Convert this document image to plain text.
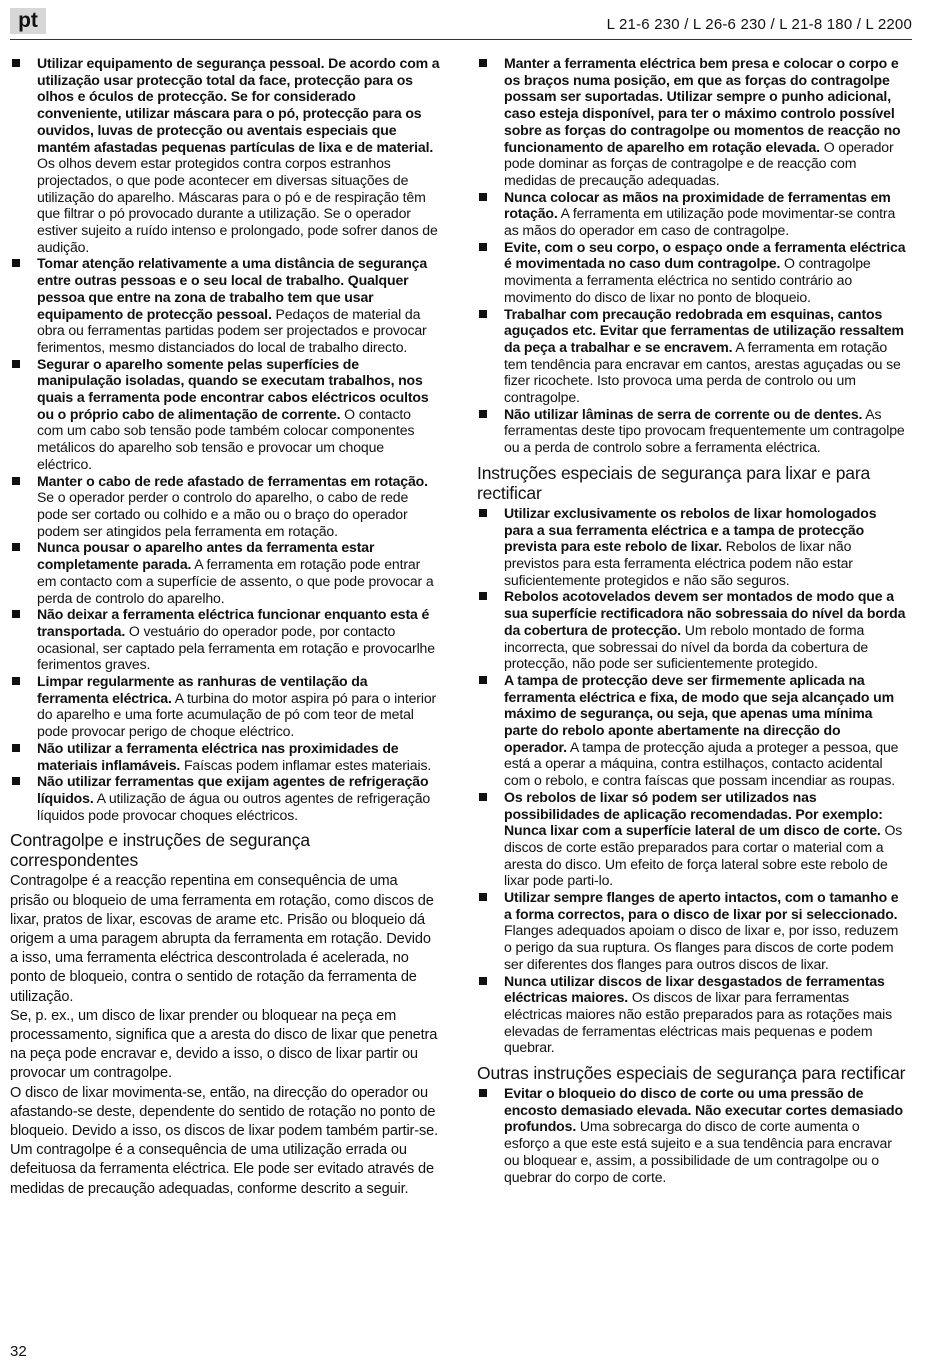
pt	L 21-6 230 / L 26-6 230 / L 21-8 180 / L 2200

Utilizar equipamento de segurança pessoal. De acordo com a utilização usar protecção total da face, protecção para os olhos e óculos de protecção. Se for considerado conveniente, utilizar máscara para o pó, protecção para os ouvidos, luvas de protecção ou aventais especiais que mantém afastadas pequenas partículas de lixa e de material. Os olhos devem estar protegidos contra corpos estranhos projectados, o que pode acontecer em diversas situações de utilização do aparelho. Máscaras para o pó e de respiração têm que filtrar o pó provocado durante a utilização. Se o operador estiver sujeito a ruído intenso e prolongado, pode sofrer danos de audição.

Tomar atenção relativamente a uma distância de segurança entre outras pessoas e o seu local de trabalho. Qualquer pessoa que entre na zona de trabalho tem que usar equipamento de protecção pessoal. Pedaços de material da obra ou ferramentas partidas podem ser projectados e provocar ferimentos, mesmo distanciados do local de trabalho directo.

Segurar o aparelho somente pelas superfícies de manipulação isoladas, quando se executam trabalhos, nos quais a ferramenta pode encontrar cabos eléctricos ocultos ou o próprio cabo de alimentação de corrente. O contacto com um cabo sob tensão pode também colocar componentes metálicos do aparelho sob tensão e provocar um choque eléctrico.

Manter o cabo de rede afastado de ferramentas em rotação. Se o operador perder o controlo do aparelho, o cabo de rede pode ser cortado ou colhido e a mão ou o braço do operador podem ser atingidos pela ferramenta em rotação.

Nunca pousar o aparelho antes da ferramenta estar completamente parada. A ferramenta em rotação pode entrar em contacto com a superfície de assento, o que pode provocar a perda de controlo do aparelho.

Não deixar a ferramenta eléctrica funcionar enquanto esta é transportada. O vestuário do operador pode, por contacto ocasional, ser captado pela ferramenta em rotação e provocarlhe ferimentos graves.

Limpar regularmente as ranhuras de ventilação da ferramenta eléctrica. A turbina do motor aspira pó para o interior do aparelho e uma forte acumulação de pó com teor de metal pode provocar perigo de choque eléctrico.

Não utilizar a ferramenta eléctrica nas proximidades de materiais inflamáveis. Faíscas podem inflamar estes materiais.

Não utilizar ferramentas que exijam agentes de refrigeração líquidos. A utilização de água ou outros agentes de refrigeração líquidos pode provocar choques eléctricos.

Contragolpe e instruções de segurança correspondentes

Contragolpe é a reacção repentina em consequência de uma prisão ou bloqueio de uma ferramenta em rotação, como discos de lixar, pratos de lixar, escovas de arame etc. Prisão ou bloqueio dá origem a uma paragem abrupta da ferramenta em rotação. Devido a isso, uma ferramenta eléctrica descontrolada é acelerada, no ponto de bloqueio, contra o sentido de rotação da ferramenta de utilização.

Se, p. ex., um disco de lixar prender ou bloquear na peça em processamento, significa que a aresta do disco de lixar que penetra na peça pode encravar e, devido a isso, o disco de lixar partir ou provocar um contragolpe.

O disco de lixar movimenta-se, então, na direcção do operador ou afastando-se deste, dependente do sentido de rotação no ponto de bloqueio. Devido a isso, os discos de lixar podem também partir-se.

Um contragolpe é a consequência de uma utilização errada ou defeituosa da ferramenta eléctrica. Ele pode ser evitado através de medidas de precaução adequadas, conforme descrito a seguir.

Manter a ferramenta eléctrica bem presa e colocar o corpo e os braços numa posição, em que as forças do contragolpe possam ser suportadas. Utilizar sempre o punho adicional, caso esteja disponível, para ter o máximo controlo possível sobre as forças do contragolpe ou momentos de reacção no funcionamento de aparelho em rotação elevada. O operador pode dominar as forças de contragolpe e de reacção com medidas de precaução adequadas.

Nunca colocar as mãos na proximidade de ferramentas em rotação. A ferramenta em utilização pode movimentar-se contra as mãos do operador em caso de contragolpe.

Evite, com o seu corpo, o espaço onde a ferramenta eléctrica é movimentada no caso dum contragolpe. O contragolpe movimenta a ferramenta eléctrica no sentido contrário ao movimento do disco de lixar no ponto de bloqueio.

Trabalhar com precaução redobrada em esquinas, cantos aguçados etc. Evitar que ferramentas de utilização ressaltem da peça a trabalhar e se encravem. A ferramenta em rotação tem tendência para encravar em cantos, arestas aguçadas ou se fizer ricochete. Isto provoca uma perda de controlo ou um contragolpe.

Não utilizar lâminas de serra de corrente ou de dentes. As ferramentas deste tipo provocam frequentemente um contragolpe ou a perda de controlo sobre a ferramenta eléctrica.

Instruções especiais de segurança para lixar e para rectificar

Utilizar exclusivamente os rebolos de lixar homologados para a sua ferramenta eléctrica e a tampa de protecção prevista para este rebolo de lixar. Rebolos de lixar não previstos para esta ferramenta eléctrica podem não estar suficientemente protegidos e não são seguros.

Rebolos acotovelados devem ser montados de modo que a sua superfície rectificadora não sobressaia do nível da borda da cobertura de protecção. Um rebolo montado de forma incorrecta, que sobressai do nível da borda da cobertura de protecção, não pode ser suficientemente protegido.

A tampa de protecção deve ser firmemente aplicada na ferramenta eléctrica e fixa, de modo que seja alcançado um máximo de segurança, ou seja, que apenas uma mínima parte do rebolo aponte abertamente na direcção do operador. A tampa de protecção ajuda a proteger a pessoa, que está a operar a máquina, contra estilhaços, contacto acidental com o rebolo, e contra faíscas que possam incendiar as roupas.

Os rebolos de lixar só podem ser utilizados nas possibilidades de aplicação recomendadas. Por exemplo: Nunca lixar com a superfície lateral de um disco de corte. Os discos de corte estão preparados para cortar o material com a aresta do disco. Um efeito de força lateral sobre este rebolo de lixar pode parti-lo.

Utilizar sempre flanges de aperto intactos, com o tamanho e a forma correctos, para o disco de lixar por si seleccionado. Flanges adequados apoiam o disco de lixar e, por isso, reduzem o perigo da sua ruptura. Os flanges para discos de corte podem ser diferentes dos flanges para outros discos de lixar.

Nunca utilizar discos de lixar desgastados de ferramentas eléctricas maiores. Os discos de lixar para ferramentas eléctricas maiores não estão preparados para as rotações mais elevadas de ferramentas eléctricas mais pequenas e podem quebrar.

Outras instruções especiais de segurança para rectificar

Evitar o bloqueio do disco de corte ou uma pressão de encosto demasiado elevada. Não executar cortes demasiado profundos. Uma sobrecarga do disco de corte aumenta o esforço a que este está sujeito e a sua tendência para encravar ou bloquear e, assim, a possibilidade de um contragolpe ou o quebrar do corpo de corte.

32
